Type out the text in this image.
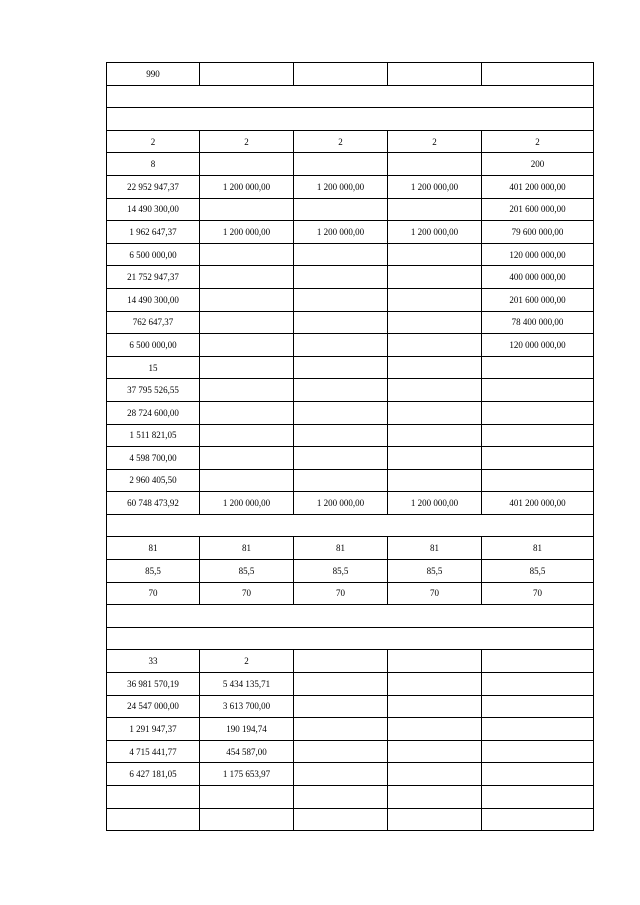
990				

2	2	2	2	2
8				200
22 952 947,37	1 200 000,00	1 200 000,00	1 200 000,00	401 200 000,00
14 490 300,00				201 600 000,00
1 962 647,37	1 200 000,00	1 200 000,00	1 200 000,00	79 600 000,00
6 500 000,00				120 000 000,00
21 752 947,37				400 000 000,00
14 490 300,00				201 600 000,00
762 647,37				78 400 000,00
6 500 000,00				120 000 000,00
15				
37 795 526,55				
28 724 600,00				
1 511 821,05				
4 598 700,00				
2 960 405,50				
60 748 473,92	1 200 000,00	1 200 000,00	1 200 000,00	401 200 000,00

81	81	81	81	81
85,5	85,5	85,5	85,5	85,5
70	70	70	70	70

33	2			
36 981 570,19	5 434 135,71			
24 547 000,00	3 613 700,00			
1 291 947,37	190 194,74			
4 715 441,77	454 587,00			
6 427 181,05	1 175 653,97			
